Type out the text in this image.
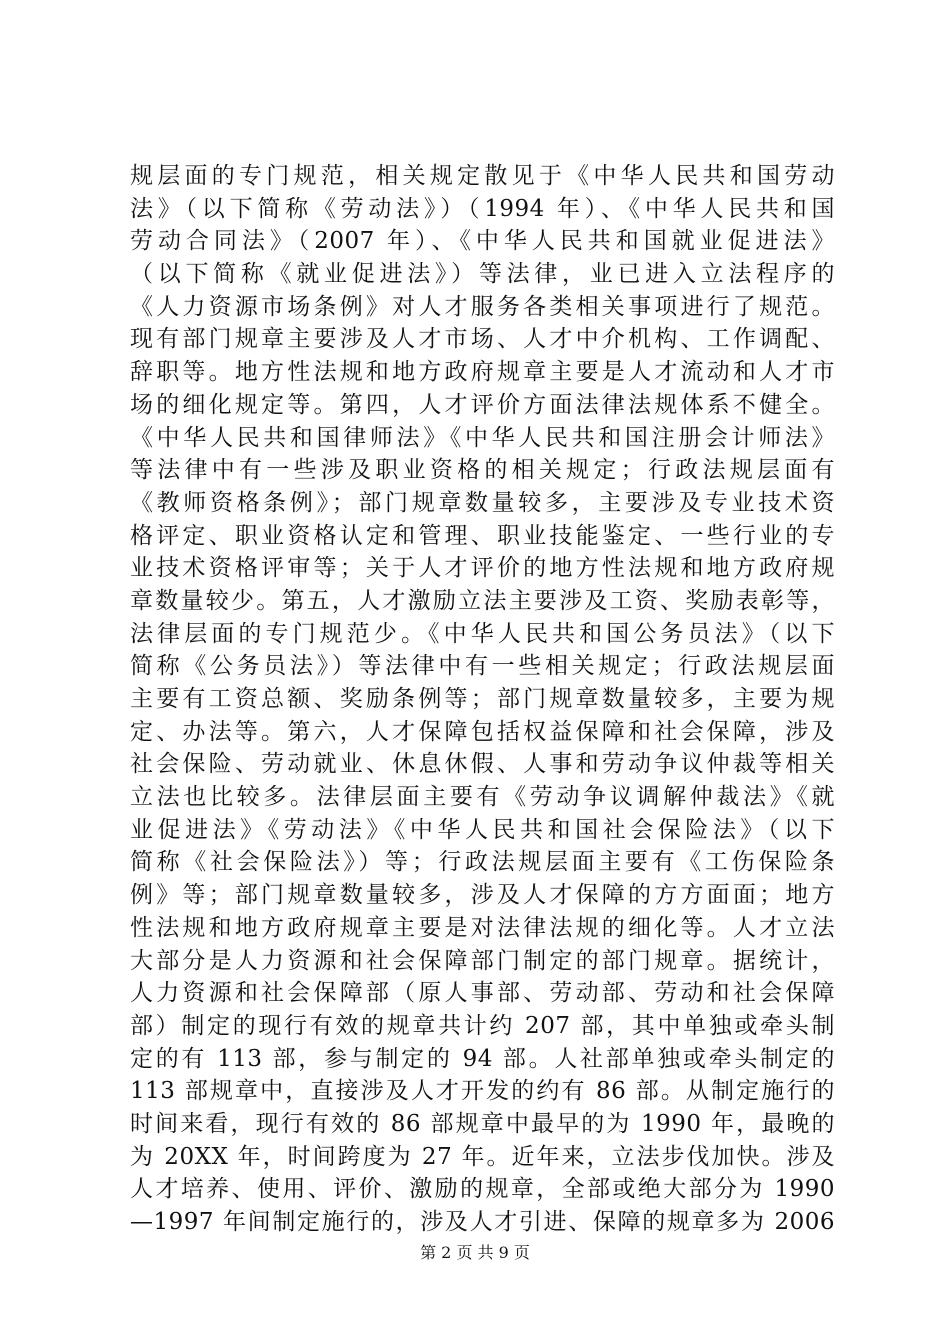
规层面的专门规范，相关规定散见于《中华人民共和国劳动
法》（以下简称《劳动法》）（1994 年）、《中华人民共和国
劳动合同法》（2007 年）、《中华人民共和国就业促进法》
（以下简称《就业促进法》）等法律，业已进入立法程序的
《人力资源市场条例》对人才服务各类相关事项进行了规范。
现有部门规章主要涉及人才市场、人才中介机构、工作调配、
辞职等。地方性法规和地方政府规章主要是人才流动和人才市
场的细化规定等。第四，人才评价方面法律法规体系不健全。
《中华人民共和国律师法》《中华人民共和国注册会计师法》
等法律中有一些涉及职业资格的相关规定；行政法规层面有
《教师资格条例》；部门规章数量较多，主要涉及专业技术资
格评定、职业资格认定和管理、职业技能鉴定、一些行业的专
业技术资格评审等；关于人才评价的地方性法规和地方政府规
章数量较少。第五，人才激励立法主要涉及工资、奖励表彰等，
法律层面的专门规范少。《中华人民共和国公务员法》（以下
简称《公务员法》）等法律中有一些相关规定；行政法规层面
主要有工资总额、奖励条例等；部门规章数量较多，主要为规
定、办法等。第六，人才保障包括权益保障和社会保障，涉及
社会保险、劳动就业、休息休假、人事和劳动争议仲裁等相关
立法也比较多。法律层面主要有《劳动争议调解仲裁法》《就
业促进法》《劳动法》《中华人民共和国社会保险法》（以下
简称《社会保险法》）等；行政法规层面主要有《工伤保险条
例》等；部门规章数量较多，涉及人才保障的方方面面；地方
性法规和地方政府规章主要是对法律法规的细化等。人才立法
大部分是人力资源和社会保障部门制定的部门规章。据统计，
人力资源和社会保障部（原人事部、劳动部、劳动和社会保障
部）制定的现行有效的规章共计约 207 部，其中单独或牵头制
定的有 113 部，参与制定的 94 部。人社部单独或牵头制定的
113 部规章中，直接涉及人才开发的约有 86 部。从制定施行的
时间来看，现行有效的 86 部规章中最早的为 1990 年，最晚的
为 20XX 年，时间跨度为 27 年。近年来，立法步伐加快。涉及
人才培养、使用、评价、激励的规章，全部或绝大部分为 1990
—1997 年间制定施行的，涉及人才引进、保障的规章多为 2006
第 2 页 共 9 页
